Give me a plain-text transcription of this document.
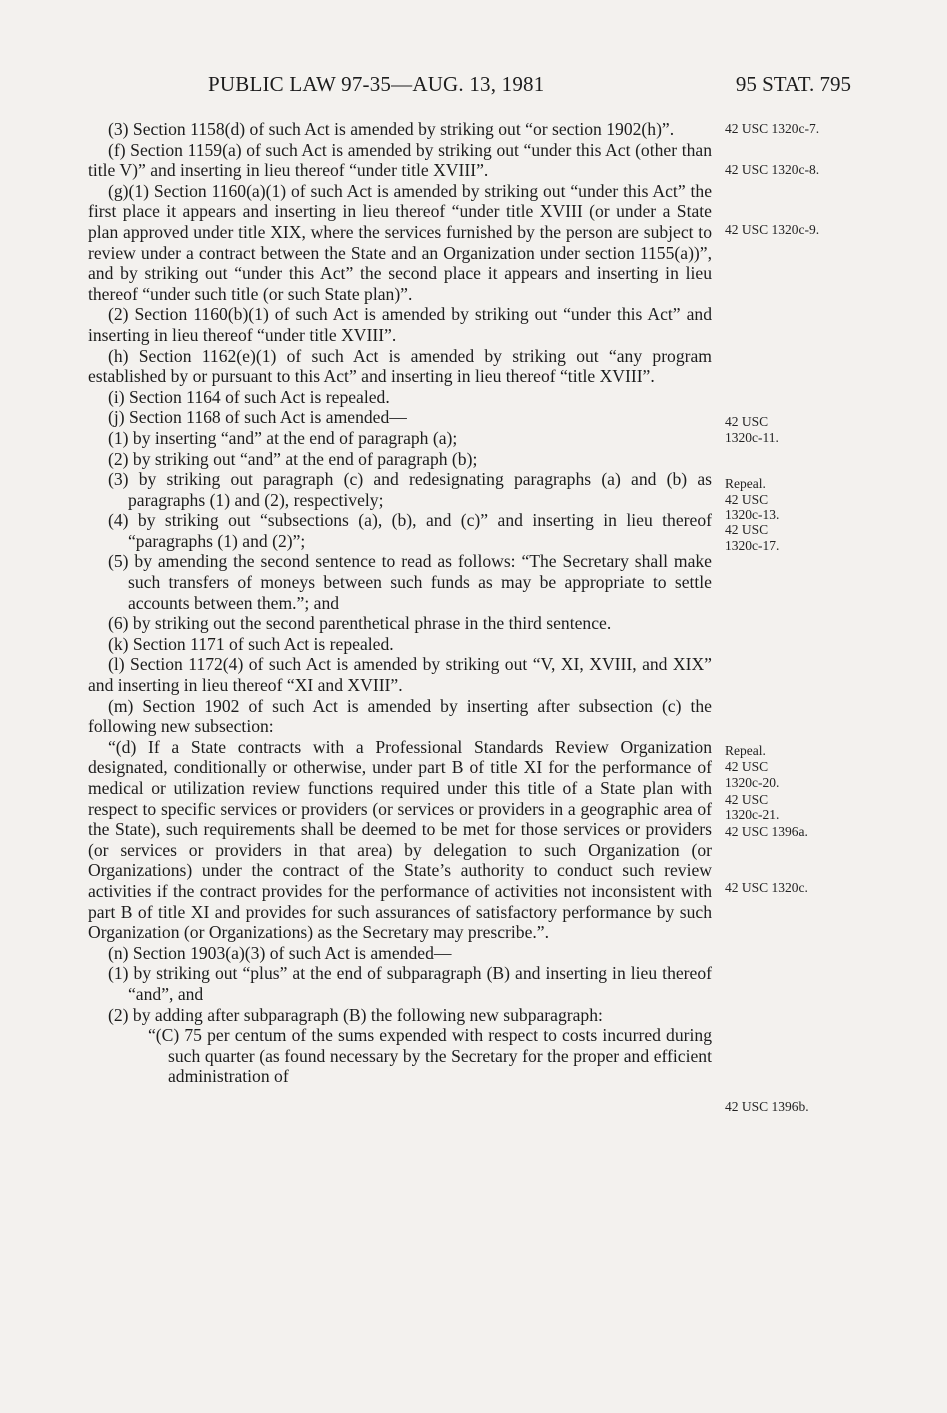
PUBLIC LAW 97-35—AUG. 13, 1981	95 STAT. 795

(3) Section 1158(d) of such Act is amended by striking out “or section 1902(h)”.

(f) Section 1159(a) of such Act is amended by striking out “under this Act (other than title V)” and inserting in lieu thereof “under title XVIII”.

(g)(1) Section 1160(a)(1) of such Act is amended by striking out “under this Act” the first place it appears and inserting in lieu thereof “under title XVIII (or under a State plan approved under title XIX, where the services furnished by the person are subject to review under a contract between the State and an Organization under section 1155(a))”, and by striking out “under this Act” the second place it appears and inserting in lieu thereof “under such title (or such State plan)”.

(2) Section 1160(b)(1) of such Act is amended by striking out “under this Act” and inserting in lieu thereof “under title XVIII”.

(h) Section 1162(e)(1) of such Act is amended by striking out “any program established by or pursuant to this Act” and inserting in lieu thereof “title XVIII”.

(i) Section 1164 of such Act is repealed.

(j) Section 1168 of such Act is amended—

(1) by inserting “and” at the end of paragraph (a);

(2) by striking out “and” at the end of paragraph (b);

(3) by striking out paragraph (c) and redesignating paragraphs (a) and (b) as paragraphs (1) and (2), respectively;

(4) by striking out “subsections (a), (b), and (c)” and inserting in lieu thereof “paragraphs (1) and (2)”;

(5) by amending the second sentence to read as follows: “The Secretary shall make such transfers of moneys between such funds as may be appropriate to settle accounts between them.”; and

(6) by striking out the second parenthetical phrase in the third sentence.

(k) Section 1171 of such Act is repealed.

(l) Section 1172(4) of such Act is amended by striking out “V, XI, XVIII, and XIX” and inserting in lieu thereof “XI and XVIII”.

(m) Section 1902 of such Act is amended by inserting after subsection (c) the following new subsection:

“(d) If a State contracts with a Professional Standards Review Organization designated, conditionally or otherwise, under part B of title XI for the performance of medical or utilization review functions required under this title of a State plan with respect to specific services or providers (or services or providers in a geographic area of the State), such requirements shall be deemed to be met for those services or providers (or services or providers in that area) by delegation to such Organization (or Organizations) under the contract of the State’s authority to conduct such review activities if the contract provides for the performance of activities not inconsistent with part B of title XI and provides for such assurances of satisfactory performance by such Organization (or Organizations) as the Secretary may prescribe.”.

(n) Section 1903(a)(3) of such Act is amended—

(1) by striking out “plus” at the end of subparagraph (B) and inserting in lieu thereof “and”, and

(2) by adding after subparagraph (B) the following new subparagraph:

“(C) 75 per centum of the sums expended with respect to costs incurred during such quarter (as found necessary by the Secretary for the proper and efficient administration of

42 USC 1320c-7.
42 USC 1320c-8.
42 USC 1320c-9.
42 USC
1320c-11.
Repeal.
42 USC
1320c-13.
42 USC
1320c-17.
Repeal.
42 USC
1320c-20.
42 USC
1320c-21.
42 USC 1396a.
42 USC 1320c.
42 USC 1396b.
